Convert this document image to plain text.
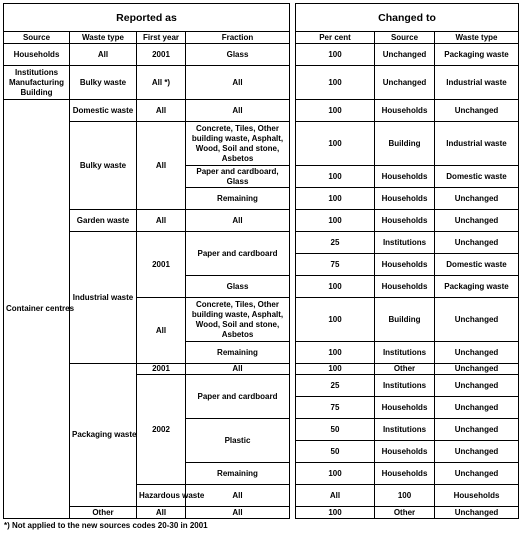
Reported as					Changed to			
Source	Waste type	First year	Fraction		Per cent	Source	Waste type	
Households	All	2001	Glass		100	Unchanged	Packaging waste	
Institutions Manufacturing Building	Bulky waste	All *)	All		100	Unchanged	Industrial waste	
Container centres	Domestic waste	All	All		100	Households	Unchanged	
	Bulky waste	All	Concrete, Tiles, Other building waste, Asphalt, Wood, Soil and stone, Asbetos		100	Building	Industrial waste	
			Paper and cardboard, Glass		100	Households	Domestic waste	
			Remaining		100	Households	Unchanged	
	Garden waste	All	All		100	Households	Unchanged	
	Industrial waste	2001	Paper and cardboard		25	Institutions	Unchanged	
					75	Households	Domestic waste	
			Glass		100	Households	Packaging waste	
		All	Concrete, Tiles, Other building waste, Asphalt, Wood, Soil and stone, Asbetos		100	Building	Unchanged	
			Remaining		100	Institutions	Unchanged	
	Packaging waste	2001	All		100	Other	Unchanged	
		2002	Paper and cardboard		25	Institutions	Unchanged	
					75	Households	Unchanged	
			Plastic		50	Institutions	Unchanged	
					50	Households	Unchanged	
			Remaining		100	Households	Unchanged	
		Hazardous waste	All		All	100	Households	
	Other	All	All		100	Other	Unchanged	
*) Not applied to the new sources codes 20-30 in 2001
